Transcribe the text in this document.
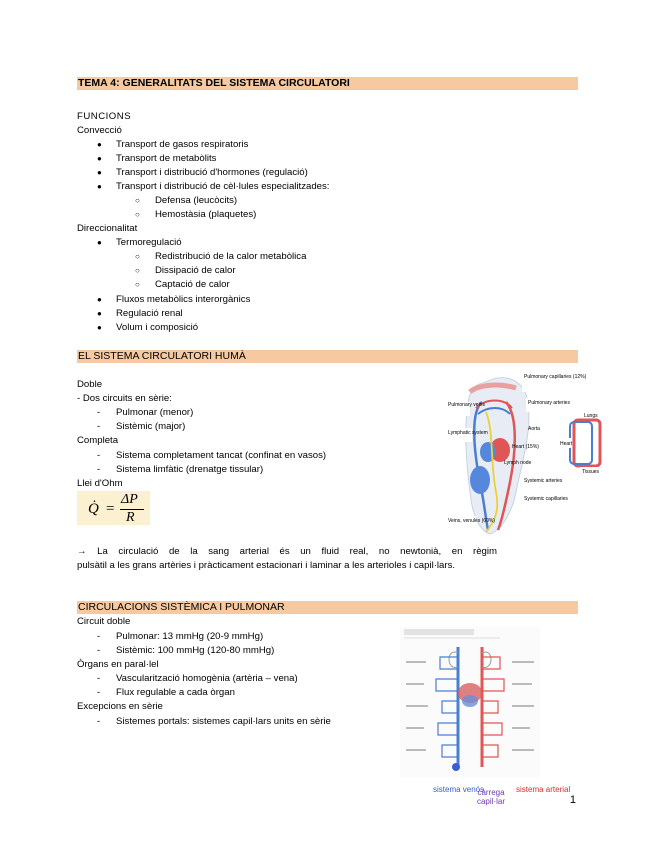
TEMA 4: GENERALITATS DEL SISTEMA CIRCULATORI
FUNCIONS
Convecció
● Transport de gasos respiratoris
● Transport de metabòlits
● Transport i distribució d'hormones (regulació)
● Transport i distribució de cèl·lules especialitzades:
○ Defensa (leucòcits)
○ Hemostàsia (plaquetes)
Direccionalitat
● Termoregulació
○ Redistribució de la calor metabòlica
○ Dissipació de calor
○ Captació de calor
● Fluxos metabòlics interorgànics
● Regulació renal
● Volum i composició
EL SISTEMA CIRCULATORI HUMÀ
Doble
- Dos circuits en sèrie:
- Pulmonar (menor)
- Sistèmic (major)
Completa
- Sistema completament tancat (confinat en vasos)
- Sistema limfàtic (drenatge tissular)
Llei d'Ohm
Q̇ =
ΔP
R
Pulmonary veins
Pulmonary capillaries (12%)
Pulmonary arteries
Lymphatic system
Aorta
Heart (15%)
Lymph node
Systemic arteries
Systemic capillaries
Veins, venules (60%)
Lungs
Heart
Tissues
→ La circulació de la sang arterial és un fluid real, no newtonià, en règim
pulsàtil a les grans artèries i pràcticament estacionari i laminar a les arterioles i capil·lars.
CIRCULACIONS SISTÈMICA I PULMONAR
Circuit doble
- Pulmonar: 13 mmHg (20-9 mmHg)
- Sistèmic: 100 mmHg (120-80 mmHg)
Òrgans en paral·lel
- Vascularització homogènia (artèria – vena)
- Flux regulable a cada òrgan
Excepcions en sèrie
- Sistemes portals: sistemes capil·lars units en sèrie
sistema venós
càrrega capil·lar
sistema arterial
1
